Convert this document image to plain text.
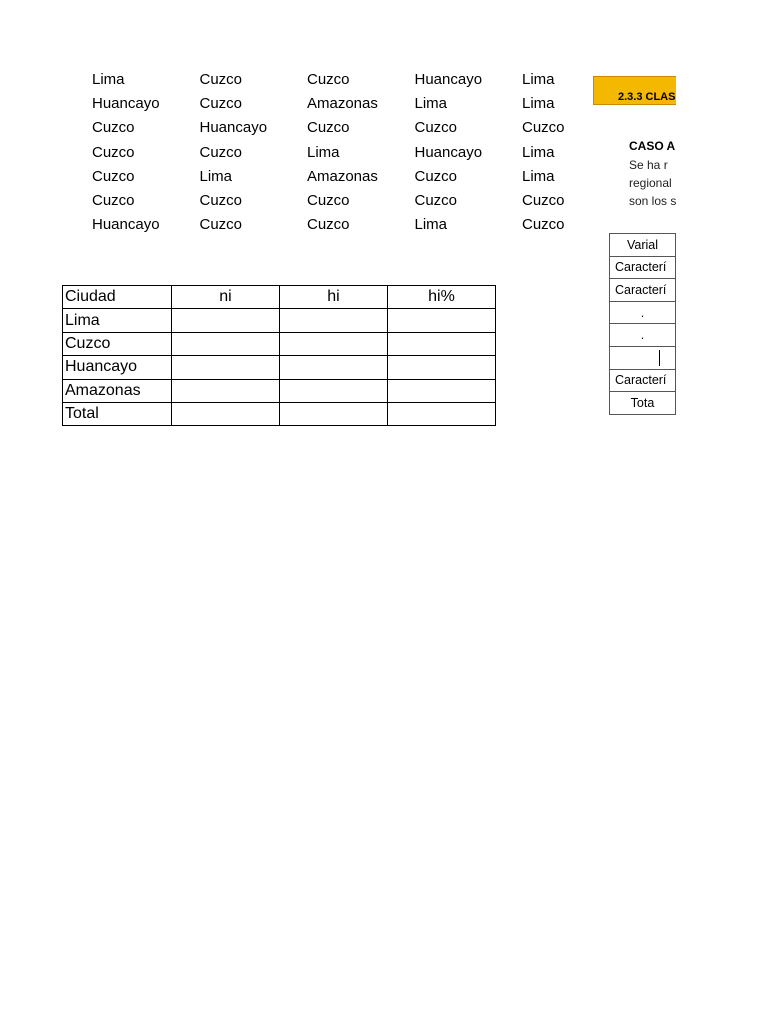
Lima	Cuzco	Cuzco	Huancayo	Lima
Huancayo	Cuzco	Amazonas	Lima	Lima
Cuzco	Huancayo	Cuzco	Cuzco	Cuzco
Cuzco	Cuzco	Lima	Huancayo	Lima
Cuzco	Lima	Amazonas	Cuzco	Lima
Cuzco	Cuzco	Cuzco	Cuzco	Cuzco
Huancayo	Cuzco	Cuzco	Lima	Cuzco
Ciudad	ni	hi	hi%
Lima			
Cuzco			
Huancayo			
Amazonas			
Total			
2.3.3 CLAS
CASO A
Se ha r
regional
son los s
Varial
Caracterí
Caracterí
.
.

Caracterí
Tota
